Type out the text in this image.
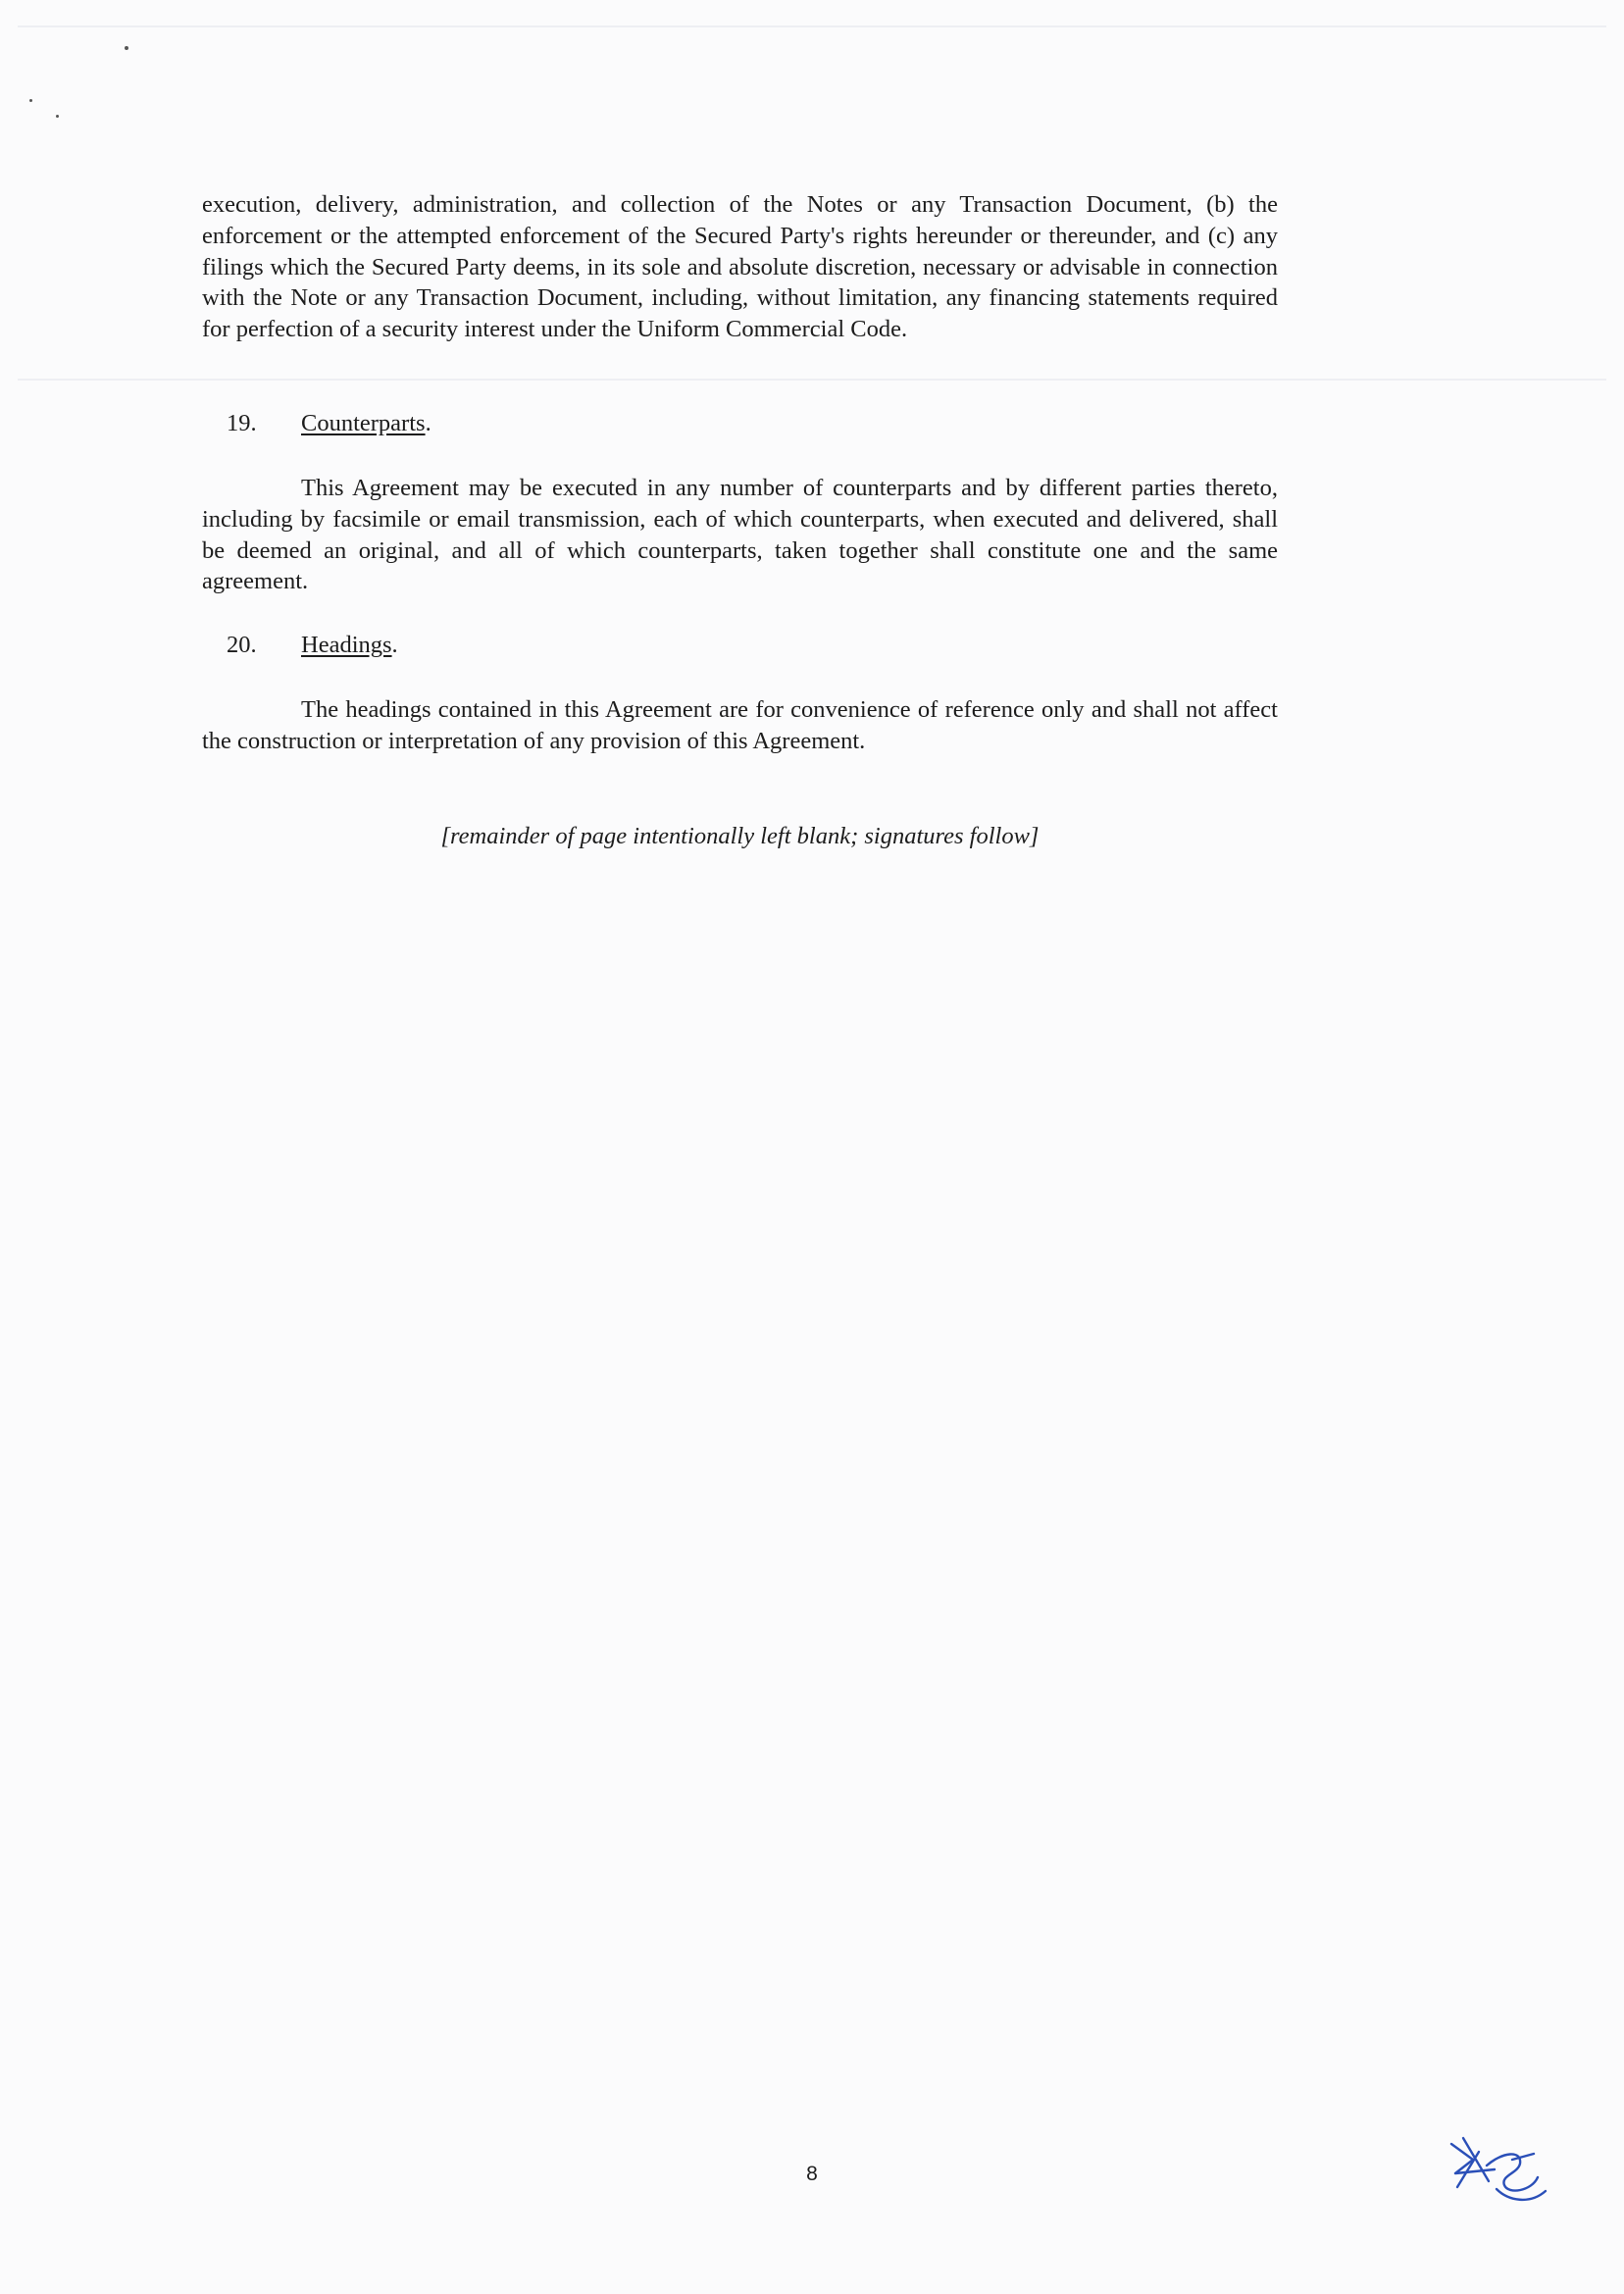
execution, delivery, administration, and collection of the Notes or any Transaction Document, (b) the enforcement or the attempted enforcement of the Secured Party's rights hereunder or thereunder, and (c) any filings which the Secured Party deems, in its sole and absolute discretion, necessary or advisable in connection with the Note or any Transaction Document, including, without limitation, any financing statements required for perfection of a security interest under the Uniform Commercial Code.

19. Counterparts.

This Agreement may be executed in any number of counterparts and by different parties thereto, including by facsimile or email transmission, each of which counterparts, when executed and delivered, shall be deemed an original, and all of which counterparts, taken together shall constitute one and the same agreement.

20. Headings.

The headings contained in this Agreement are for convenience of reference only and shall not affect the construction or interpretation of any provision of this Agreement.

[remainder of page intentionally left blank; signatures follow]
8
